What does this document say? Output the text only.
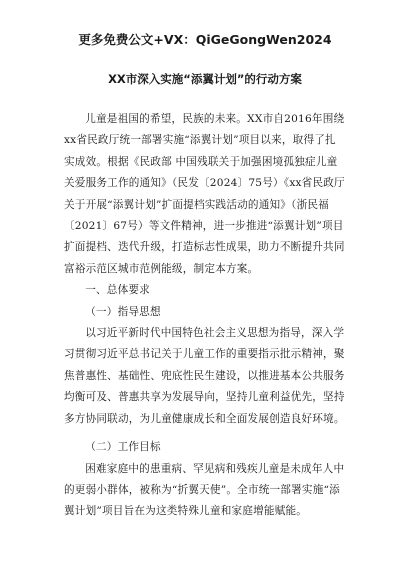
更多免费公文+VX：QiGeGongWen2024
XX市深入实施“添翼计划”的行动方案

儿童是祖国的希望，民族的未来。XX市自2016年围绕xx省民政厅统一部署实施“添翼计划”项目以来，取得了扎实成效。根据《民政部 中国残联关于加强困境孤独症儿童关爱服务工作的通知》（民发〔2024〕75号）《xx省民政厅关于开展“添翼计划”扩面提档实践活动的通知》（浙民福〔2021〕67号）等文件精神，进一步推进“添翼计划”项目扩面提档、迭代升级，打造标志性成果，助力不断提升共同富裕示范区城市范例能级，制定本方案。

一、总体要求

（一）指导思想

以习近平新时代中国特色社会主义思想为指导，深入学习贯彻习近平总书记关于儿童工作的重要指示批示精神，聚焦普惠性、基础性、兜底性民生建设，以推进基本公共服务均衡可及、普惠共享为发展导向，坚持儿童利益优先，坚持多方协同联动，为儿童健康成长和全面发展创造良好环境。

（二）工作目标

困难家庭中的患重病、罕见病和残疾儿童是未成年人中的更弱小群体，被称为“折翼天使”。全市统一部署实施“添翼计划”项目旨在为这类特殊儿童和家庭增能赋能。
